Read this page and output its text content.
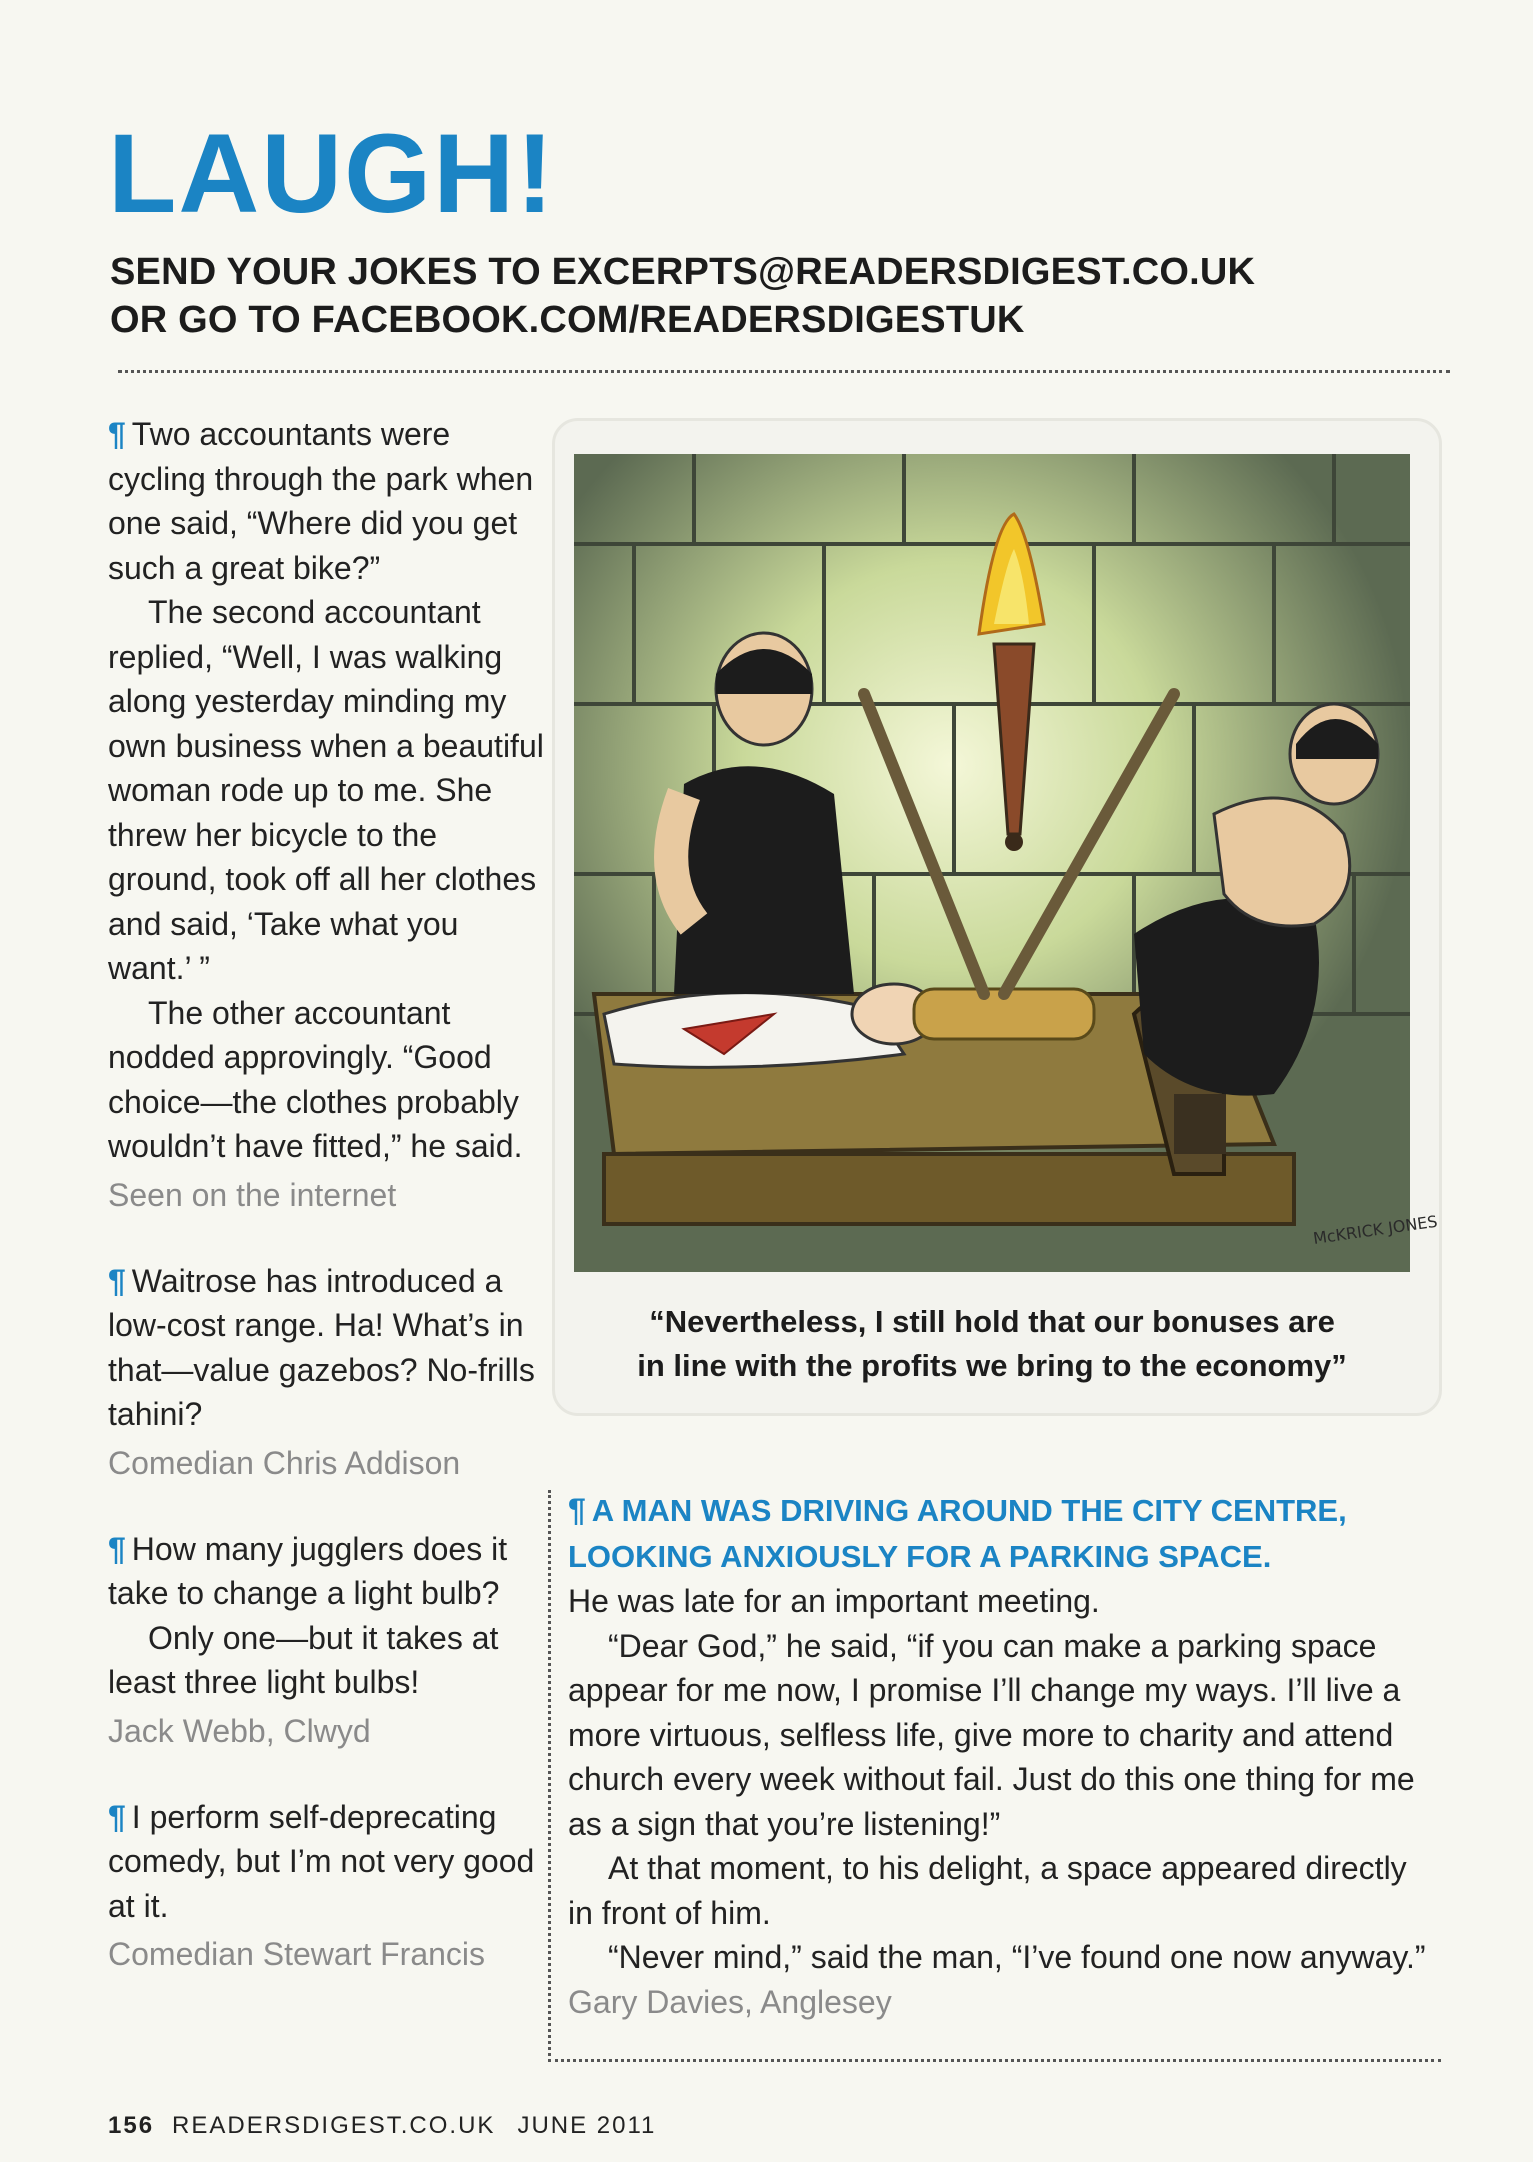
LAUGH!
SEND YOUR JOKES TO EXCERPTS@READERSDIGEST.CO.UK
OR GO TO FACEBOOK.COM/READERSDIGESTUK

¶ Two accountants were cycling through the park when one said, “Where did you get such a great bike?”

The second accountant replied, “Well, I was walking along yesterday minding my own business when a beautiful woman rode up to me. She threw her bicycle to the ground, took off all her clothes and said, ‘Take what you want.’ ”

The other accountant nodded approvingly. “Good choice—the clothes probably wouldn’t have fitted,” he said.

Seen on the internet

¶ Waitrose has introduced a low-cost range. Ha! What’s in that—value gazebos? No-frills tahini?

Comedian Chris Addison

¶ How many jugglers does it take to change a light bulb?

Only one—but it takes at least three light bulbs!

Jack Webb, Clwyd

¶ I perform self-deprecating comedy, but I’m not very good at it.

Comedian Stewart Francis
McKRICK JONES
“Nevertheless, I still hold that our bonuses are
in line with the profits we bring to the economy”

¶ A MAN WAS DRIVING AROUND THE CITY CENTRE, LOOKING ANXIOUSLY FOR A PARKING SPACE.

He was late for an important meeting.

“Dear God,” he said, “if you can make a parking space appear for me now, I promise I’ll change my ways. I’ll live a more virtuous, selfless life, give more to charity and attend church every week without fail. Just do this one thing for me as a sign that you’re listening!”

At that moment, to his delight, a space appeared directly in front of him.

“Never mind,” said the man, “I’ve found one now anyway.” Gary Davies, Anglesey

156 READERSDIGEST.CO.UK JUNE 2011
